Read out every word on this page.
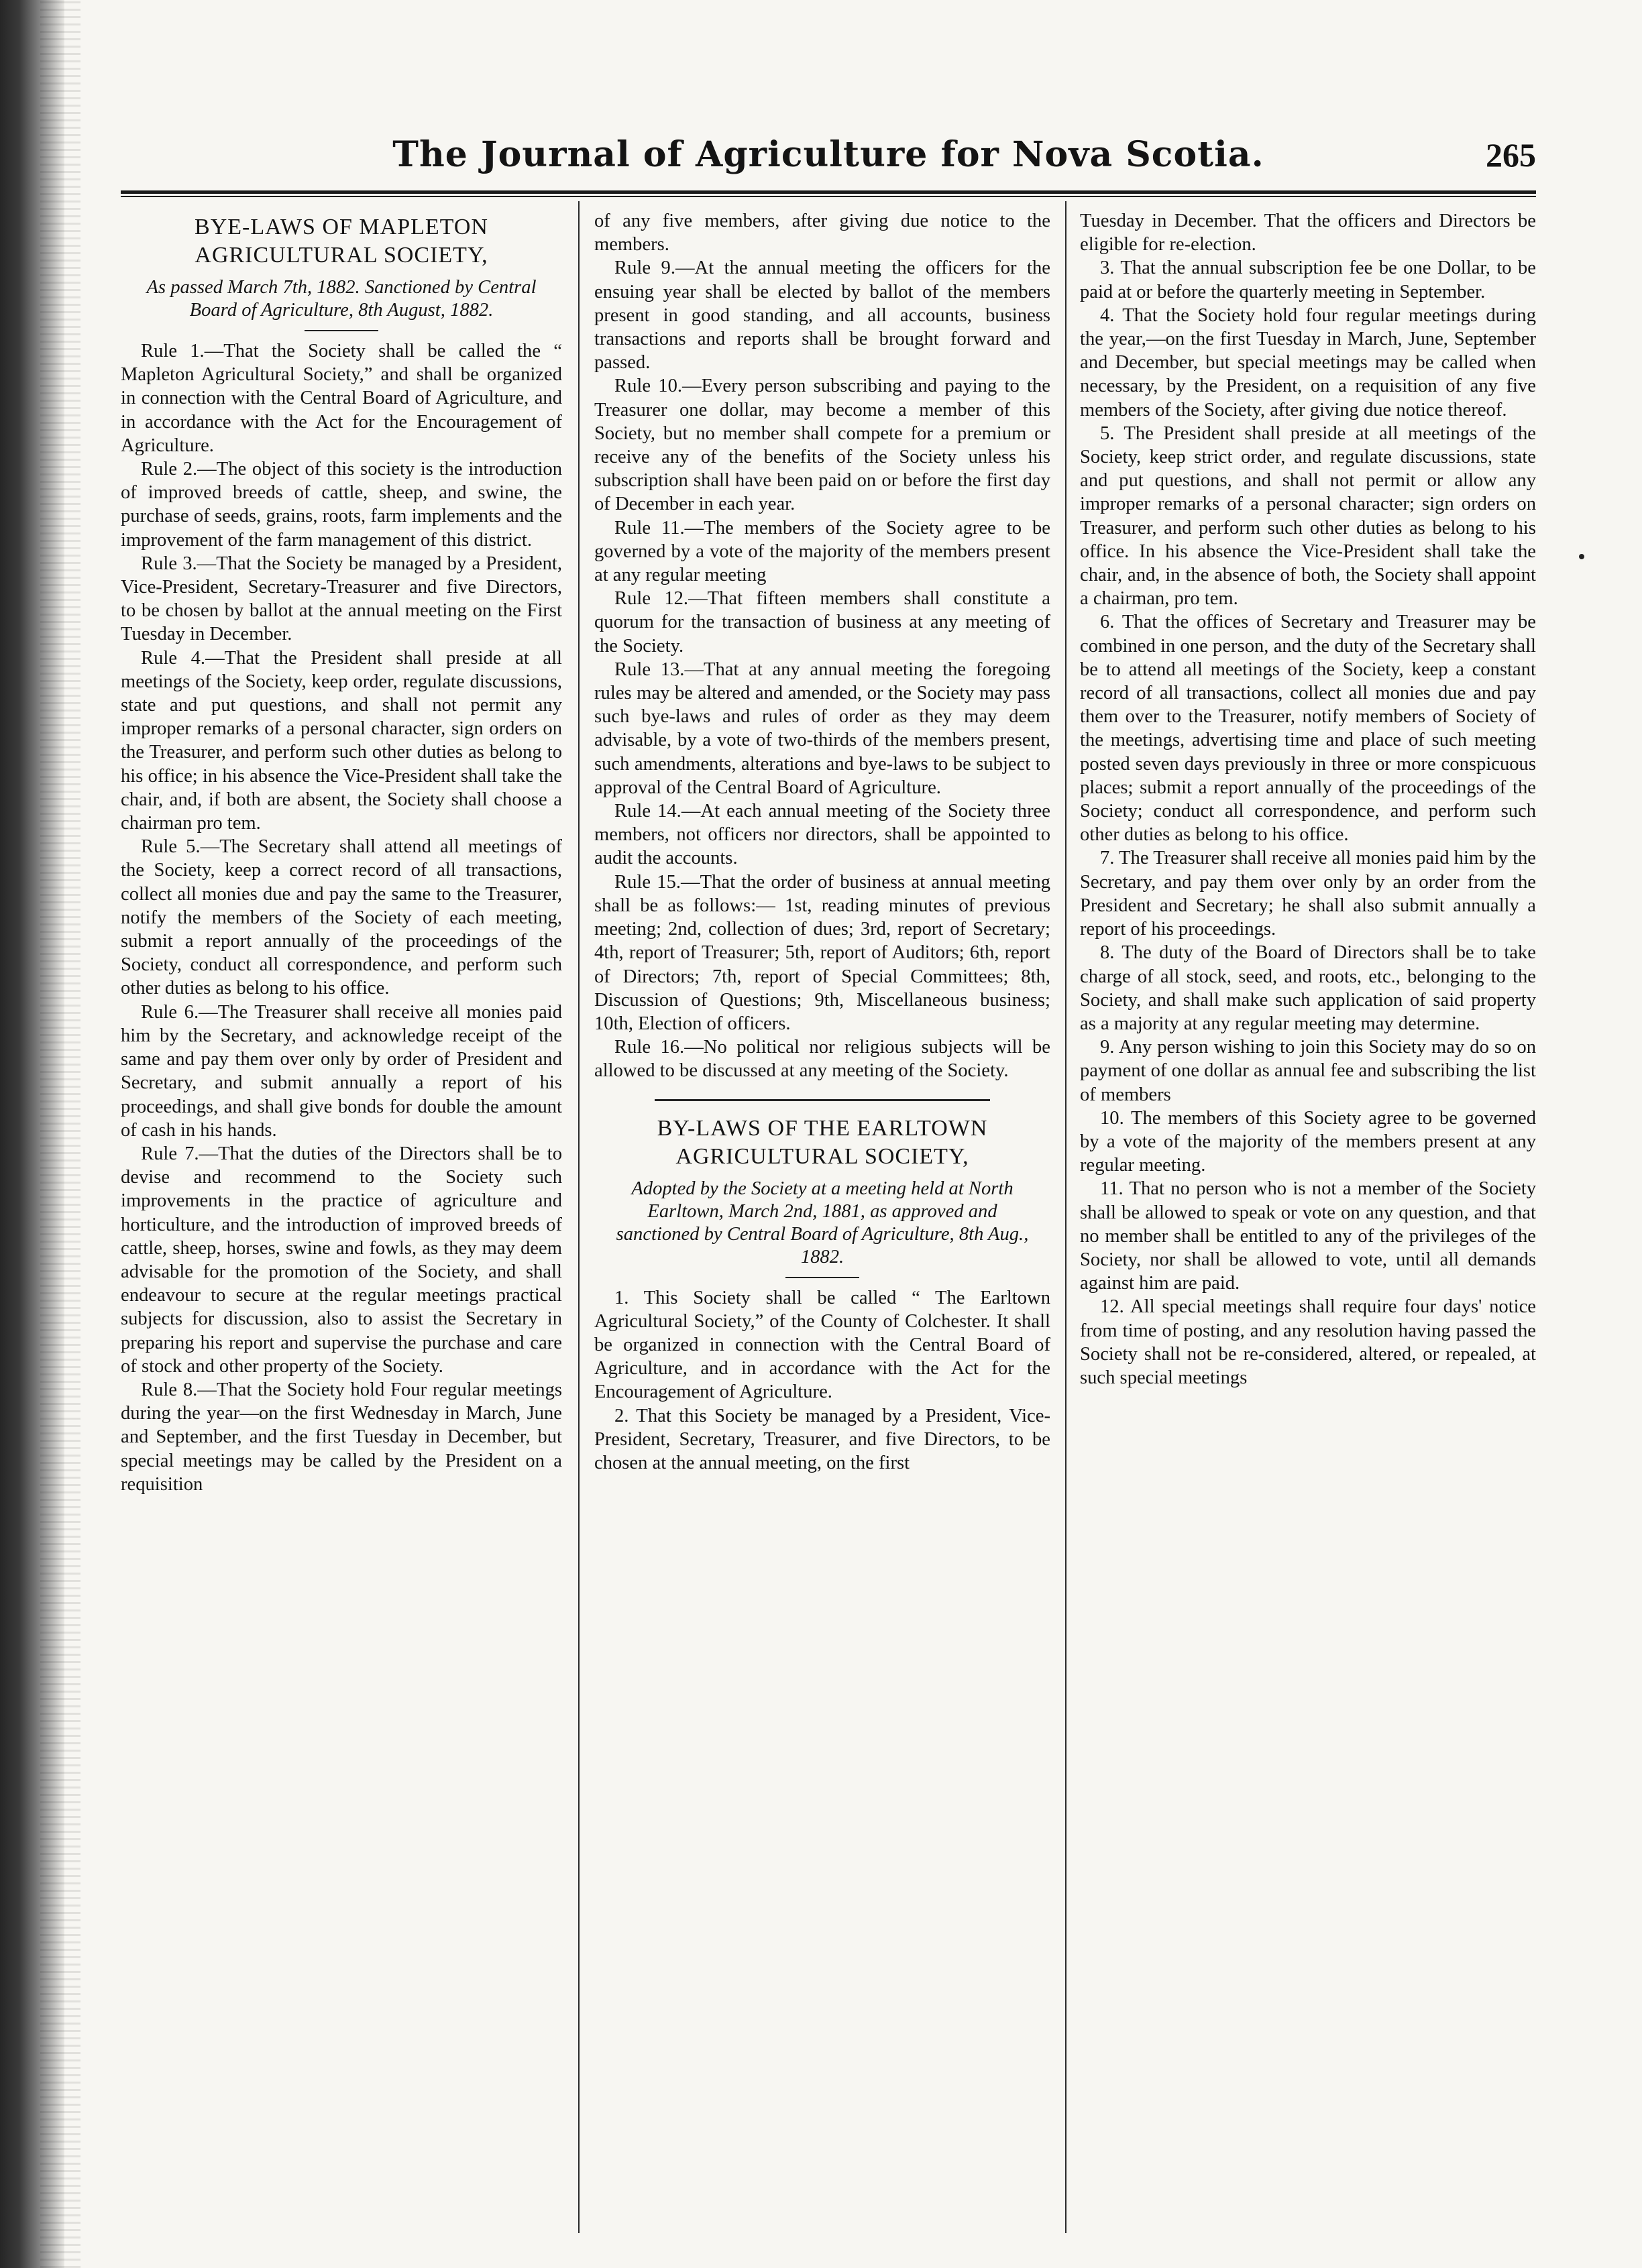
The Journal of Agriculture for Nova Scotia.	265
BYE-LAWS OF MAPLETON AGRICULTURAL SOCIETY,
As passed March 7th, 1882. Sanctioned by Central Board of Agriculture, 8th August, 1882.

Rule 1.—That the Society shall be called the “ Mapleton Agricultural Society,” and shall be organized in connection with the Central Board of Agriculture, and in accordance with the Act for the Encouragement of Agriculture.

Rule 2.—The object of this society is the introduction of improved breeds of cattle, sheep, and swine, the purchase of seeds, grains, roots, farm implements and the improvement of the farm management of this district.

Rule 3.—That the Society be managed by a President, Vice-President, Secretary-Treasurer and five Directors, to be chosen by ballot at the annual meeting on the First Tuesday in December.

Rule 4.—That the President shall preside at all meetings of the Society, keep order, regulate discussions, state and put questions, and shall not permit any improper remarks of a personal character, sign orders on the Treasurer, and perform such other duties as belong to his office; in his absence the Vice-President shall take the chair, and, if both are absent, the Society shall choose a chairman pro tem.

Rule 5.—The Secretary shall attend all meetings of the Society, keep a correct record of all transactions, collect all monies due and pay the same to the Treasurer, notify the members of the Society of each meeting, submit a report annually of the proceedings of the Society, conduct all correspondence, and perform such other duties as belong to his office.

Rule 6.—The Treasurer shall receive all monies paid him by the Secretary, and acknowledge receipt of the same and pay them over only by order of President and Secretary, and submit annually a report of his proceedings, and shall give bonds for double the amount of cash in his hands.

Rule 7.—That the duties of the Directors shall be to devise and recommend to the Society such improvements in the practice of agriculture and horticulture, and the introduction of improved breeds of cattle, sheep, horses, swine and fowls, as they may deem advisable for the promotion of the Society, and shall endeavour to secure at the regular meetings practical subjects for discussion, also to assist the Secretary in preparing his report and supervise the purchase and care of stock and other property of the Society.

Rule 8.—That the Society hold Four regular meetings during the year—on the first Wednesday in March, June and September, and the first Tuesday in December, but special meetings may be called by the President on a requisition

of any five members, after giving due notice to the members.

Rule 9.—At the annual meeting the officers for the ensuing year shall be elected by ballot of the members present in good standing, and all accounts, business transactions and reports shall be brought forward and passed.

Rule 10.—Every person subscribing and paying to the Treasurer one dollar, may become a member of this Society, but no member shall compete for a premium or receive any of the benefits of the Society unless his subscription shall have been paid on or before the first day of December in each year.

Rule 11.—The members of the Society agree to be governed by a vote of the majority of the members present at any regular meeting

Rule 12.—That fifteen members shall constitute a quorum for the transaction of business at any meeting of the Society.

Rule 13.—That at any annual meeting the foregoing rules may be altered and amended, or the Society may pass such bye-laws and rules of order as they may deem advisable, by a vote of two-thirds of the members present, such amendments, alterations and bye-laws to be subject to approval of the Central Board of Agriculture.

Rule 14.—At each annual meeting of the Society three members, not officers nor directors, shall be appointed to audit the accounts.

Rule 15.—That the order of business at annual meeting shall be as follows:— 1st, reading minutes of previous meeting; 2nd, collection of dues; 3rd, report of Secretary; 4th, report of Treasurer; 5th, report of Auditors; 6th, report of Directors; 7th, report of Special Committees; 8th, Discussion of Questions; 9th, Miscellaneous business; 10th, Election of officers.

Rule 16.—No political nor religious subjects will be allowed to be discussed at any meeting of the Society.

BY-LAWS OF THE EARLTOWN AGRICULTURAL SOCIETY,
Adopted by the Society at a meeting held at North Earltown, March 2nd, 1881, as approved and sanctioned by Central Board of Agriculture, 8th Aug., 1882.

1. This Society shall be called “ The Earltown Agricultural Society,” of the County of Colchester. It shall be organized in connection with the Central Board of Agriculture, and in accordance with the Act for the Encouragement of Agriculture.

2. That this Society be managed by a President, Vice-President, Secretary, Treasurer, and five Directors, to be chosen at the annual meeting, on the first

Tuesday in December. That the officers and Directors be eligible for re-election.

3. That the annual subscription fee be one Dollar, to be paid at or before the quarterly meeting in September.

4. That the Society hold four regular meetings during the year,—on the first Tuesday in March, June, September and December, but special meetings may be called when necessary, by the President, on a requisition of any five members of the Society, after giving due notice thereof.

5. The President shall preside at all meetings of the Society, keep strict order, and regulate discussions, state and put questions, and shall not permit or allow any improper remarks of a personal character; sign orders on Treasurer, and perform such other duties as belong to his office. In his absence the Vice-President shall take the chair, and, in the absence of both, the Society shall appoint a chairman, pro tem.

6. That the offices of Secretary and Treasurer may be combined in one person, and the duty of the Secretary shall be to attend all meetings of the Society, keep a constant record of all transactions, collect all monies due and pay them over to the Treasurer, notify members of Society of the meetings, advertising time and place of such meeting posted seven days previously in three or more conspicuous places; submit a report annually of the proceedings of the Society; conduct all correspondence, and perform such other duties as belong to his office.

7. The Treasurer shall receive all monies paid him by the Secretary, and pay them over only by an order from the President and Secretary; he shall also submit annually a report of his proceedings.

8. The duty of the Board of Directors shall be to take charge of all stock, seed, and roots, etc., belonging to the Society, and shall make such application of said property as a majority at any regular meeting may determine.

9. Any person wishing to join this Society may do so on payment of one dollar as annual fee and subscribing the list of members

10. The members of this Society agree to be governed by a vote of the majority of the members present at any regular meeting.

11. That no person who is not a member of the Society shall be allowed to speak or vote on any question, and that no member shall be entitled to any of the privileges of the Society, nor shall be allowed to vote, until all demands against him are paid.

12. All special meetings shall require four days' notice from time of posting, and any resolution having passed the Society shall not be re-considered, altered, or repealed, at such special meetings
